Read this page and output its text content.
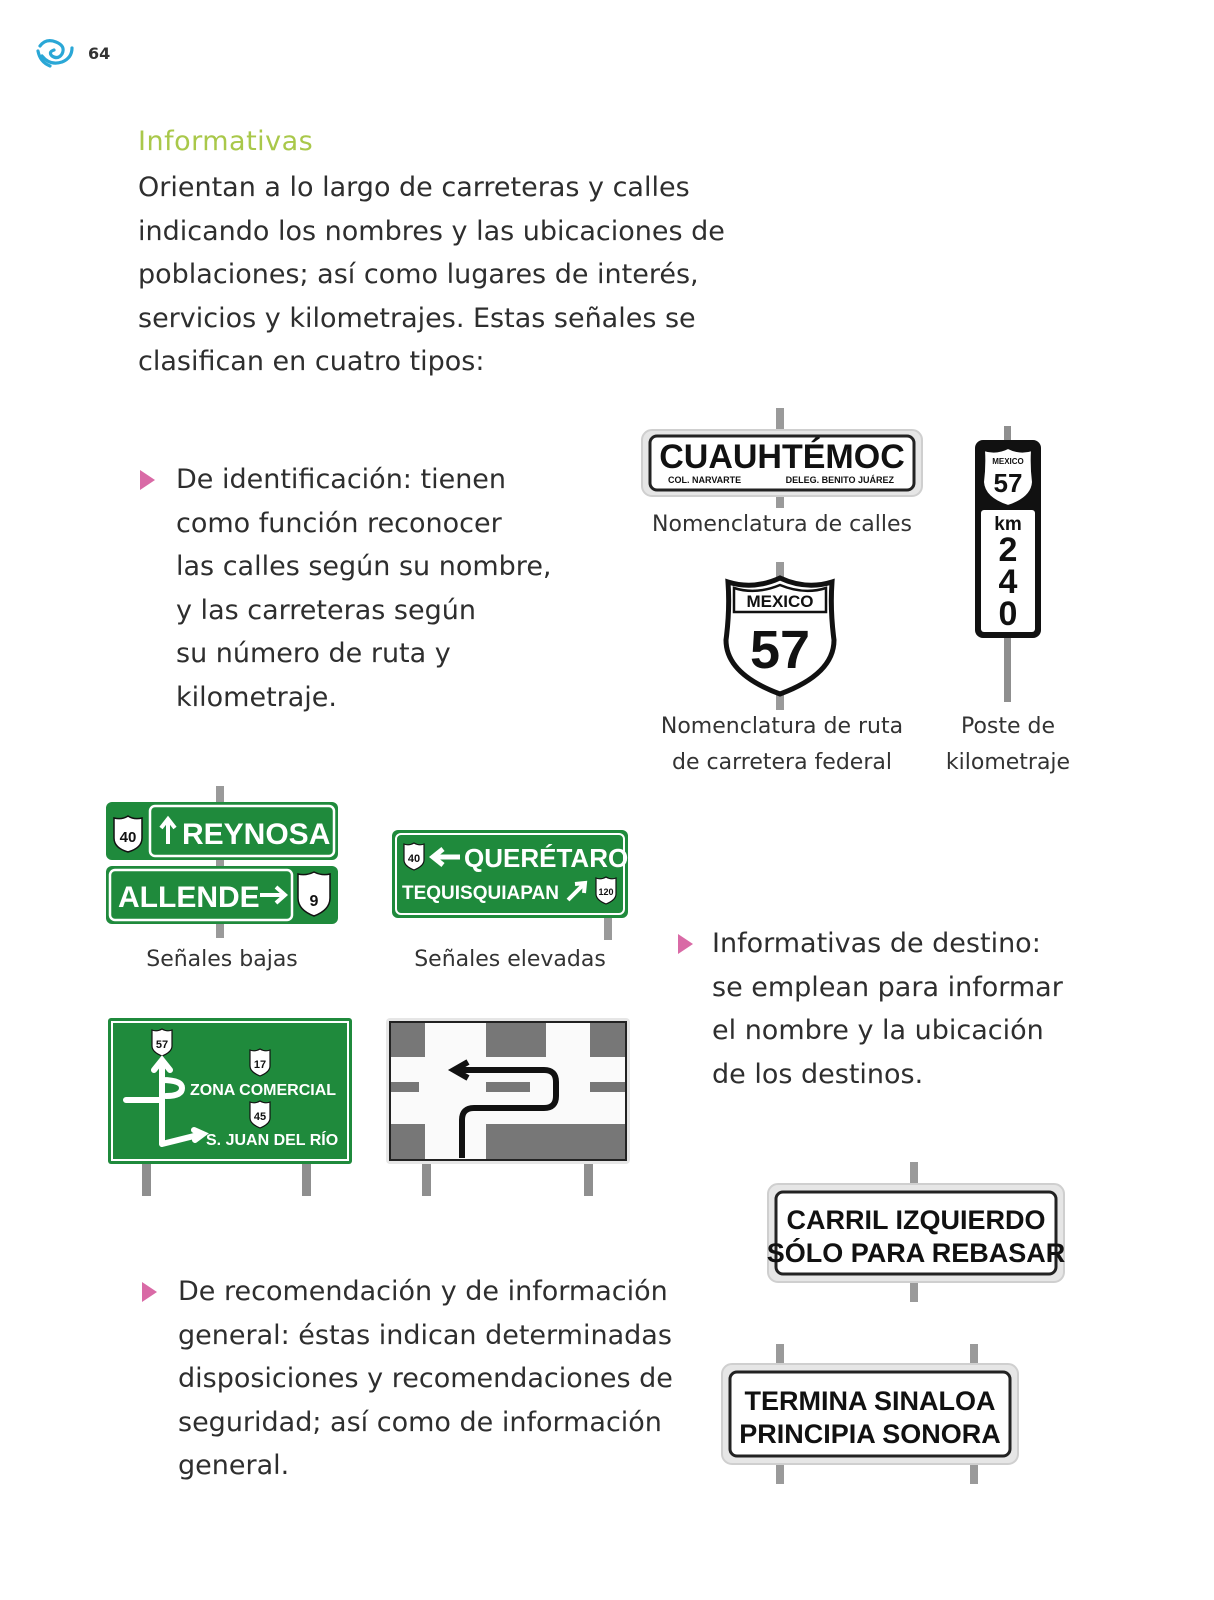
64
Informativas
Orientan a lo largo de carreteras y calles
indicando los nombres y las ubicaciones de
poblaciones; así como lugares de interés,
servicios y kilometrajes. Estas señales se
clasifican en cuatro tipos:
De identificación: tienen
como función reconocer
las calles según su nombre,
y las carreteras según
su número de ruta y
kilometraje.
CUAUHTÉMOC
COL. NARVARTE	DELEG. BENITO JUÁREZ
Nomenclatura de calles
MEXICO
57
Nomenclatura de ruta
de carretera federal
MEXICO
57
km
2
4
0
Poste de
kilometraje
40 REYNOSA
ALLENDE	9
Señales bajas
40 QUERÉTARO
TEQUISQUIAPAN	120
Señales elevadas
57
17
ZONA COMERCIAL
45
S. JUAN DEL RÍO
Informativas de destino:
se emplean para informar
el nombre y la ubicación
de los destinos.
CARRIL IZQUIERDO
SÓLO PARA REBASAR
TERMINA SINALOA
PRINCIPIA SONORA
De recomendación y de información
general: éstas indican determinadas
disposiciones y recomendaciones de
seguridad; así como de información
general.
